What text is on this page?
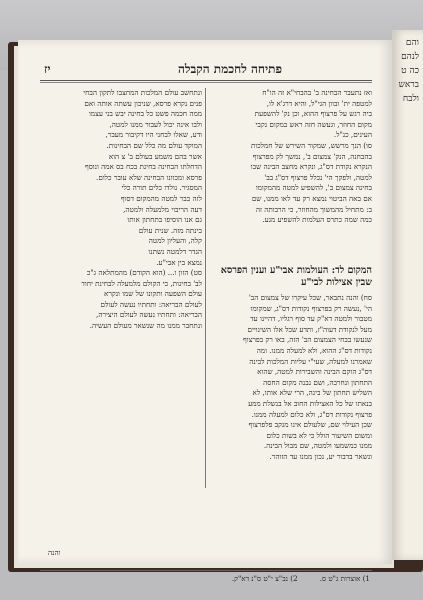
והם לנהם כה ט בראש ולבח
פתיחה לחכמת הקבלה
יז

ואז נתעבר הבחינה ב' בהבחי"א זה הו"ח

למטפה ית' ובוון הגי"ל, והיא דרג'א לו,

ביה רגש על פרצוף ההוא, וכן נק' להשפעת

מקום החוזר, וגעשה חזה ראש במקום נקבי

העינים, כנ"ל.

סו) הנך מרשש, שמקור השירש של חמלכות

בהבחנה, הנק' צמצום ב', נמשך לק מפרצוף

הנקרא נקודת דס"ג, ונקרא מחצב הבינה שבו

למטה, ולפקך הי' נכלל פרצוף דס"ג בב'

בחינה צמצום ב', להשפיע למטה מהמקומו

אם באה הביטוי נמצא רק עד לאו ממנו, שם

ב: מתחיל מהמשוך מהחוזר, כי הרבותה זה

כמה שמה כתרס העלמות להשפיע מגע.

המקום לד: העולמות אבי"ע וענין הפרסא שבין אצילות לבי"ע

סח) והנה נתבאר, שכל עיקרו של צמצום הב'

הי' ,נעשה רק בפרצוף נקודות דס"ג, שמקומו

מטבור ולמטה דא"ק עד סוף רגליו, דהיינו עד

מעל לנקודת דעוה"ז, ותדע שכל אלו השינויים

שנעשו בבחי הצמצום הב' הזה, באו רק בפרצוף

נקודות דס"ג ההוא, ולא למעלה ממנו. ומה

שאמרנו למעלה, שעי"י עליות המלכות לבינה

דס"ג הוקם הבינה והשבירות למטה, שהוא

התחתון ונחרבה, ושם נבנה מקום החסה

השליש תחתון של בינה, הרי שלא אותו, לא

בנאתו של כל האצילות החוב אל בנשלת ממע

פרצוף נקודות דס"ג, ולא כלום למעלה ממנו.

שכן העילוי שם, שלעולם אינו מנקב פלפרצוף

ומשום השיעור הולל כי לא בשות כלום

ממנו כמשמעו ולמטה, שם מבול הבינה.

ונשאר בדבור יע, נכון ממנו עד הזוהר.

ונתחשב עולם המלכות המחצבו לתקון הבחי

פנים נקרא פרסא, שניכון עשתה אותה ואם

ממה חכמה פשט כל בחינה יבש בני עצמו

ולבו אינה יכול לעבור ממנו למטה,

ודע, שאלו לבחני היו דקיבור מעבר,

המוקד עולם מה כלל שם הבחינות.

אשר בהם משמע בעולם ב' צ הוא

הדחלתו הבחינה בחינת בכח בס אמה ונוסף

פרסא ומכוונו הבחינה שלא עובר כלום.

המסגיר. נולדו כלים תורה כלי

לזה כבר למטה מהמקום דסוף

דעה הריבוי מלמעלה ולמטה,

גם אנו הוסיפו בתחתון אותו

בינתה מזה. שנית עולם

קלה, והעליון למטה

הגדר דלמטה נשתנו

נמצא בין אבי"ע.

סט) הזון ו... (הוא הקודם) מהמתלאה ג"כ

לב' בחינות, כי הקולם מלמעלה לבחינת יחוד

עולם השפעה ותקונו של שמו ונקרא

לעולם הבריאה: ותחתיו נעשה לעולם

הבריאה: ותחתיו נעשה לעולם היצירה,

ונתחבר ממנו מה שנשאר מעולם העשיה.

והנה
1) אוצרות ג"ט ס.2) נב"צ י"ט ס"נ דא"ק.
